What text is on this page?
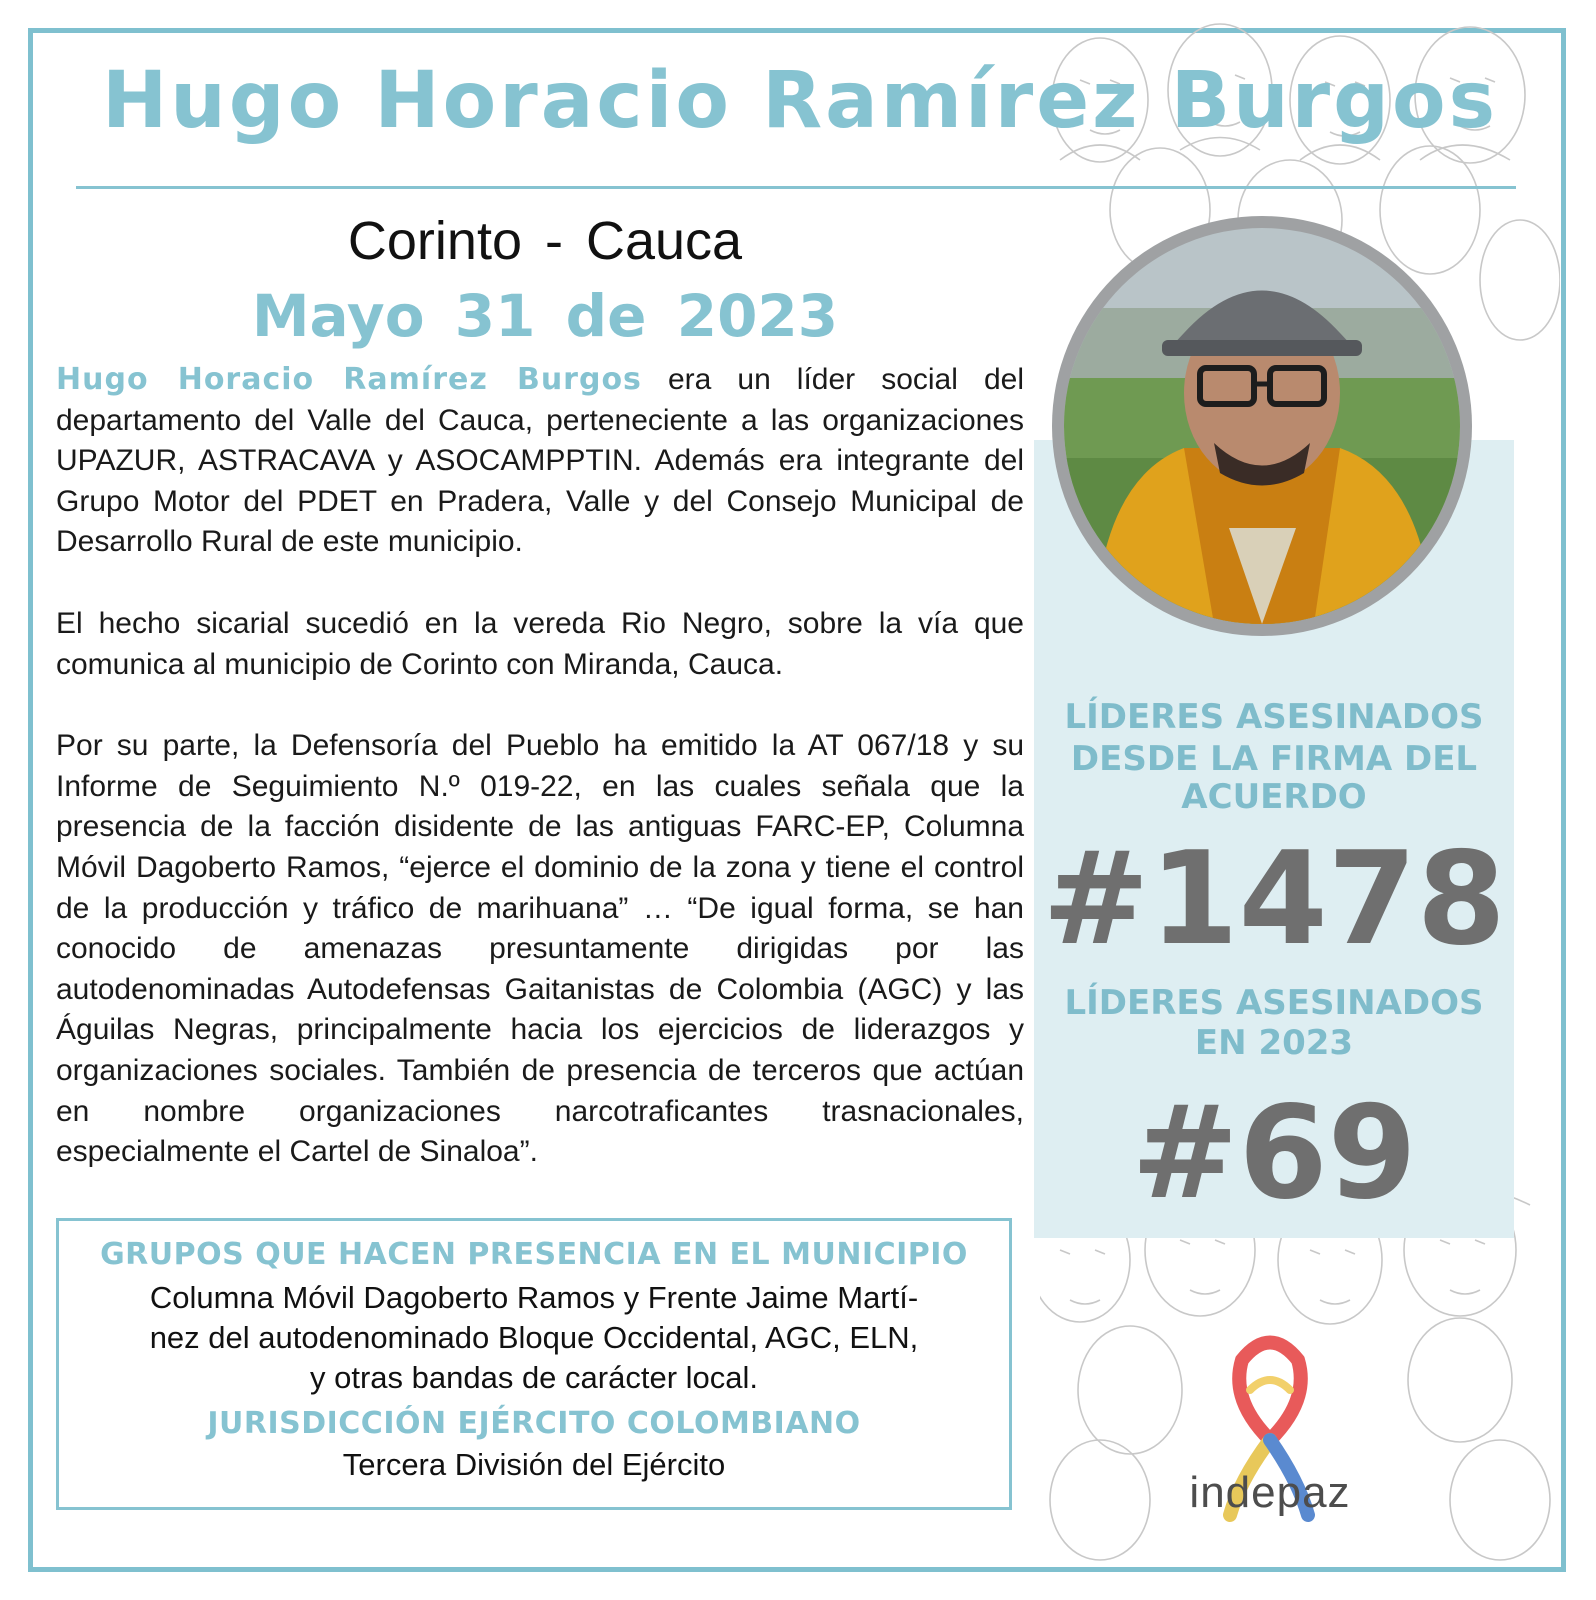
Hugo Horacio Ramírez Burgos
Corinto - Cauca
Mayo 31 de 2023

Hugo Horacio Ramírez Burgos era un líder social del departamento del Valle del Cauca, perteneciente a las organizaciones UPAZUR, ASTRACAVA y ASOCAMPPTIN. Además era integrante del Grupo Motor del PDET en Pradera, Valle y del Consejo Municipal de Desarrollo Rural de este municipio.

El hecho sicarial sucedió en la vereda Rio Negro, sobre la vía que comunica al municipio de Corinto con Miranda, Cauca.

Por su parte, la Defensoría del Pueblo ha emitido la AT 067/18 y su Informe de Seguimiento N.º 019-22, en las cuales señala que la presencia de la facción disidente de las antiguas FARC-EP, Columna Móvil Dagoberto Ramos, “ejerce el dominio de la zona y tiene el control de la producción y tráfico de marihuana” … “De igual forma, se han conocido de amenazas presuntamente dirigidas por las autodenominadas Autodefensas Gaitanistas de Colombia (AGC) y las Águilas Negras, principalmente hacia los ejercicios de liderazgos y organizaciones sociales. También de presencia de terceros que actúan en nombre organizaciones narcotraficantes trasnacionales, especialmente el Cartel de Sinaloa”.

GRUPOS QUE HACEN PRESENCIA EN EL MUNICIPIO
Columna Móvil Dagoberto Ramos y Frente Jaime Martí-
nez del autodenominado Bloque Occidental, AGC, ELN,
y otras bandas de carácter local.
JURISDICCIÓN EJÉRCITO COLOMBIANO
Tercera División del Ejército
LÍDERES ASESINADOS
DESDE LA FIRMA DEL
ACUERDO
#1478
LÍDERES ASESINADOS
EN 2023
#69
indepaz
